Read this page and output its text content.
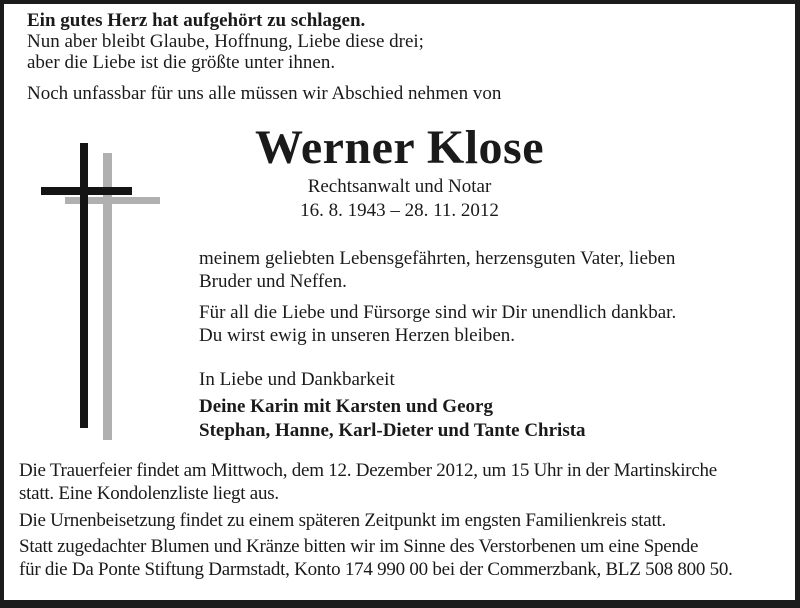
Ein gutes Herz hat aufgehört zu schlagen.
Nun aber bleibt Glaube, Hoffnung, Liebe diese drei;
aber die Liebe ist die größte unter ihnen.
Noch unfassbar für uns alle müssen wir Abschied nehmen von
Werner Klose
Rechtsanwalt und Notar
16. 8. 1943 – 28. 11. 2012
meinem geliebten Lebensgefährten, herzensguten Vater, lieben
Bruder und Neffen.
Für all die Liebe und Fürsorge sind wir Dir unendlich dankbar.
Du wirst ewig in unseren Herzen bleiben.
In Liebe und Dankbarkeit
Deine Karin mit Karsten und Georg
Stephan, Hanne, Karl-Dieter und Tante Christa
Die Trauerfeier findet am Mittwoch, dem 12. Dezember 2012, um 15 Uhr in der Martinskirche
statt. Eine Kondolenzliste liegt aus.
Die Urnenbeisetzung findet zu einem späteren Zeitpunkt im engsten Familienkreis statt.
Statt zugedachter Blumen und Kränze bitten wir im Sinne des Verstorbenen um eine Spende
für die Da Ponte Stiftung Darmstadt, Konto 174 990 00 bei der Commerzbank, BLZ 508 800 50.
